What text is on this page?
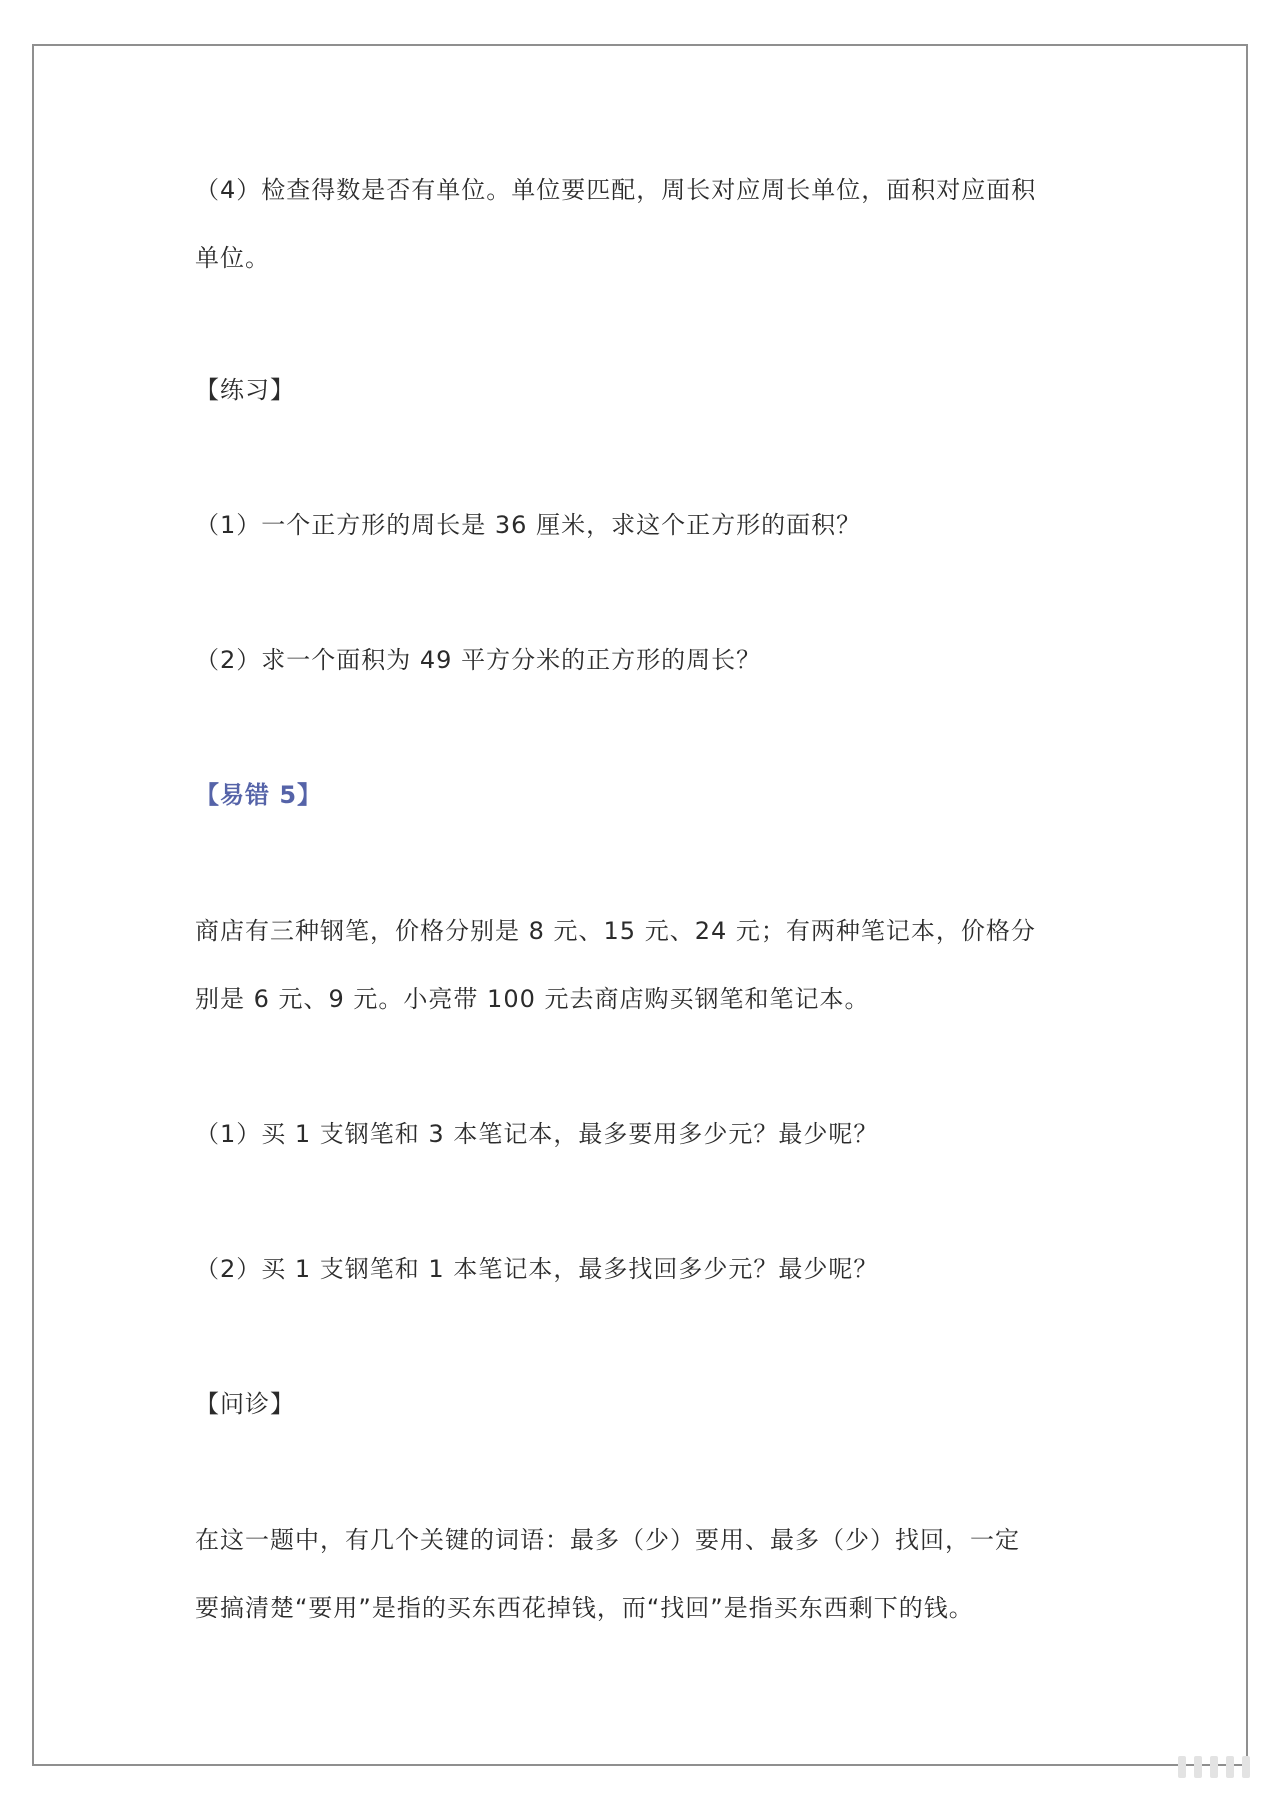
（4）检查得数是否有单位。单位要匹配，周长对应周长单位，面积对应面积

单位。

【练习】

（1）一个正方形的周长是 36 厘米，求这个正方形的面积？

（2）求一个面积为 49 平方分米的正方形的周长？

【易错 5】

商店有三种钢笔，价格分别是 8 元、15 元、24 元；有两种笔记本，价格分

别是 6 元、9 元。小亮带 100 元去商店购买钢笔和笔记本。

（1）买 1 支钢笔和 3 本笔记本，最多要用多少元？最少呢？

（2）买 1 支钢笔和 1 本笔记本，最多找回多少元？最少呢？

【问诊】

在这一题中，有几个关键的词语：最多（少）要用、最多（少）找回，一定

要搞清楚“要用”是指的买东西花掉钱，而“找回”是指买东西剩下的钱。
